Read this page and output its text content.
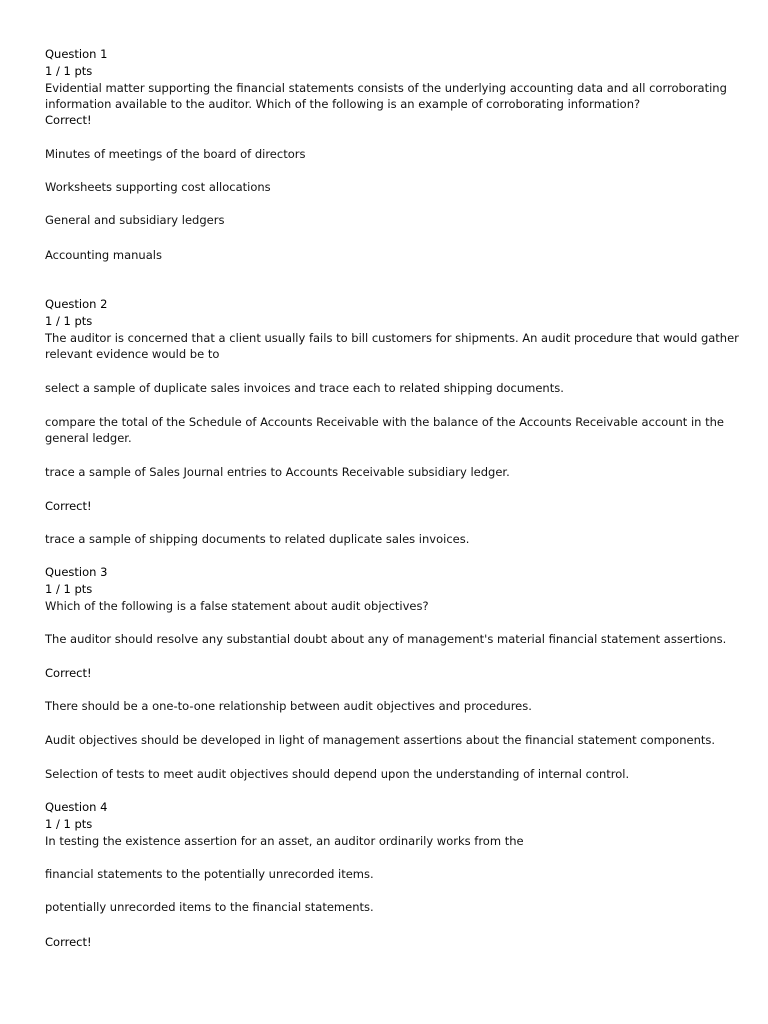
Question 1
1 / 1 pts
Evidential matter supporting the financial statements consists of the underlying accounting data and all corroborating
information available to the auditor. Which of the following is an example of corroborating information?
Correct!
Minutes of meetings of the board of directors
Worksheets supporting cost allocations
General and subsidiary ledgers
Accounting manuals
Question 2
1 / 1 pts
The auditor is concerned that a client usually fails to bill customers for shipments. An audit procedure that would gather
relevant evidence would be to
select a sample of duplicate sales invoices and trace each to related shipping documents.
compare the total of the Schedule of Accounts Receivable with the balance of the Accounts Receivable account in the
general ledger.
trace a sample of Sales Journal entries to Accounts Receivable subsidiary ledger.
Correct!
trace a sample of shipping documents to related duplicate sales invoices.
Question 3
1 / 1 pts
Which of the following is a false statement about audit objectives?
The auditor should resolve any substantial doubt about any of management's material financial statement assertions.
Correct!
There should be a one-to-one relationship between audit objectives and procedures.
Audit objectives should be developed in light of management assertions about the financial statement components.
Selection of tests to meet audit objectives should depend upon the understanding of internal control.
Question 4
1 / 1 pts
In testing the existence assertion for an asset, an auditor ordinarily works from the
financial statements to the potentially unrecorded items.
potentially unrecorded items to the financial statements.
Correct!
